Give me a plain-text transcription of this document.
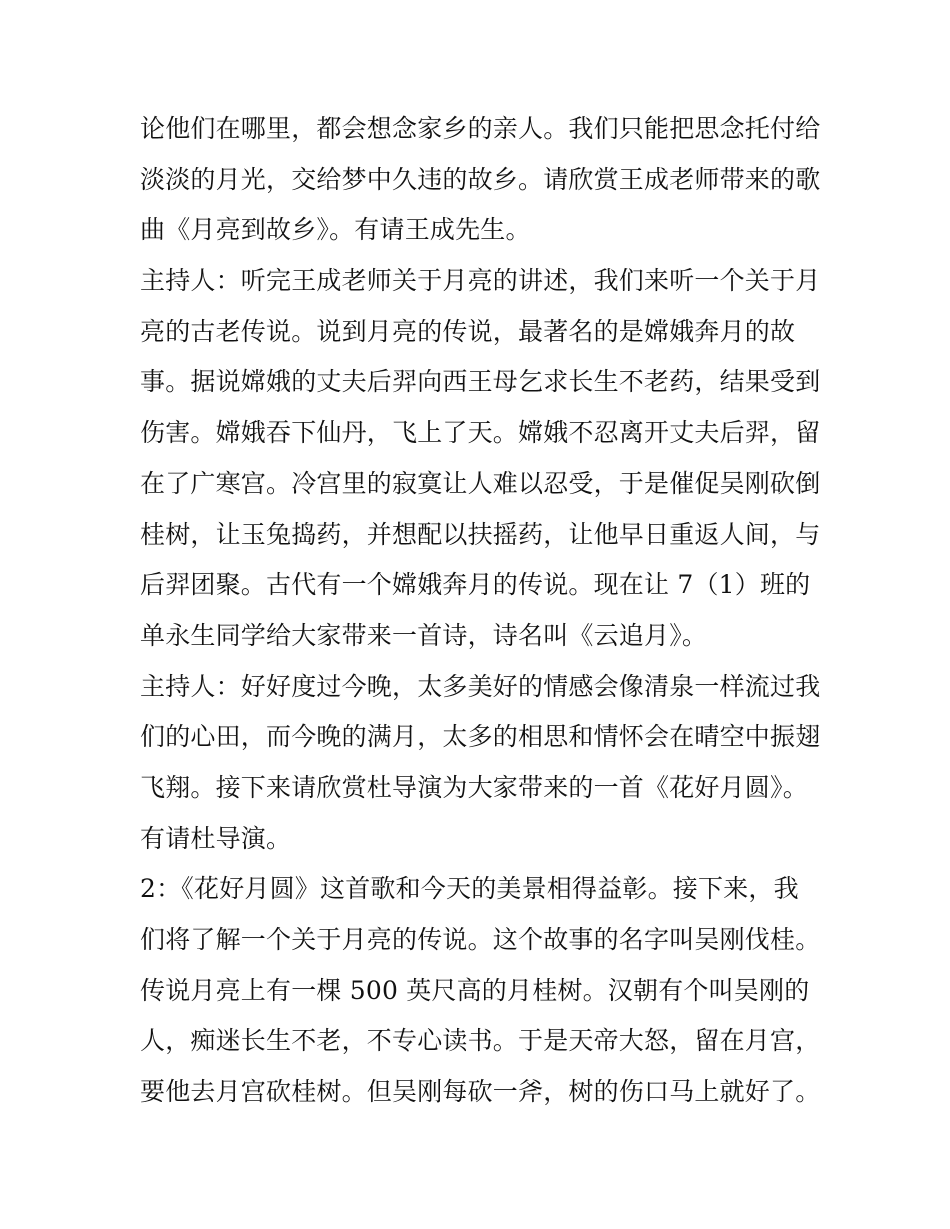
论他们在哪里，都会想念家乡的亲人。我们只能把思念托付给
淡淡的月光，交给梦中久违的故乡。请欣赏王成老师带来的歌
曲《月亮到故乡》。有请王成先生。
主持人：听完王成老师关于月亮的讲述，我们来听一个关于月
亮的古老传说。说到月亮的传说，最著名的是嫦娥奔月的故
事。据说嫦娥的丈夫后羿向西王母乞求长生不老药，结果受到
伤害。嫦娥吞下仙丹，飞上了天。嫦娥不忍离开丈夫后羿，留
在了广寒宫。冷宫里的寂寞让人难以忍受，于是催促吴刚砍倒
桂树，让玉兔捣药，并想配以扶摇药，让他早日重返人间，与
后羿团聚。古代有一个嫦娥奔月的传说。现在让 7（1）班的
单永生同学给大家带来一首诗，诗名叫《云追月》。
主持人：好好度过今晚，太多美好的情感会像清泉一样流过我
们的心田，而今晚的满月，太多的相思和情怀会在晴空中振翅
飞翔。接下来请欣赏杜导演为大家带来的一首《花好月圆》。
有请杜导演。
2：《花好月圆》这首歌和今天的美景相得益彰。接下来，我
们将了解一个关于月亮的传说。这个故事的名字叫吴刚伐桂。
传说月亮上有一棵 500 英尺高的月桂树。汉朝有个叫吴刚的
人，痴迷长生不老，不专心读书。于是天帝大怒，留在月宫，
要他去月宫砍桂树。但吴刚每砍一斧，树的伤口马上就好了。
